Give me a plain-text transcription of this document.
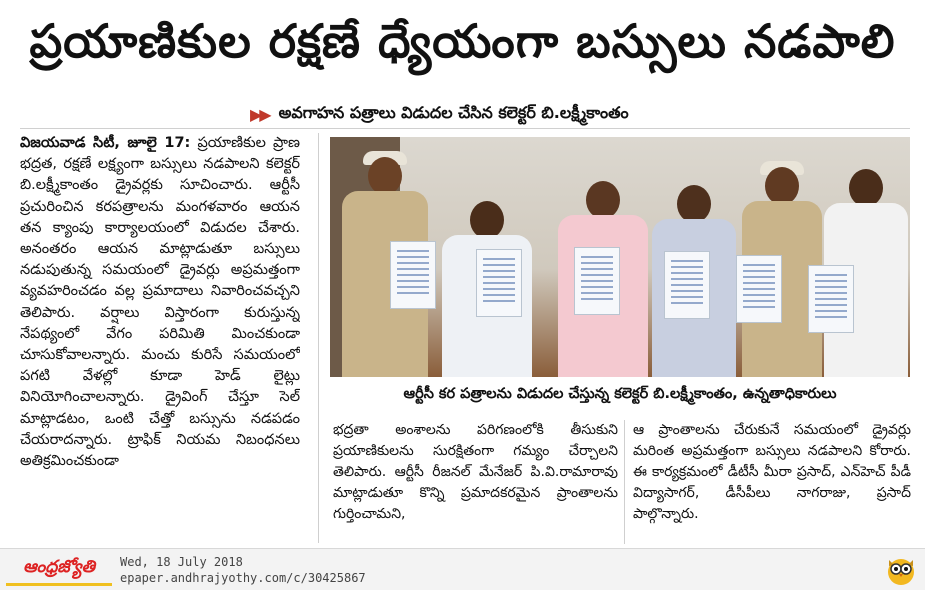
ప్రయాణికుల రక్షణే ధ్యేయంగా బస్సులు నడపాలి
▶▶ అవగాహన పత్రాలు విడుదల చేసిన కలెక్టర్ బి.లక్ష్మీకాంతం

విజయవాడ సిటీ, జూలై 17: ప్రయాణికుల ప్రాణ భద్రత, రక్షణే లక్ష్యంగా బస్సులు నడపాలని కలెక్టర్ బి.లక్ష్మీకాంతం డ్రైవర్లకు సూచించారు. ఆర్టీసీ ప్రచురించిన కరపత్రాలను మంగళవారం ఆయన తన క్యాంపు కార్యాలయంలో విడుదల చేశారు. అనంతరం ఆయన మాట్లాడుతూ బస్సులు నడుపుతున్న సమయంలో డ్రైవర్లు అప్రమత్తంగా వ్యవహరించడం వల్ల ప్రమాదాలు నివారించవచ్చని తెలిపారు. వర్షాలు విస్తారంగా కురుస్తున్న నేపథ్యంలో వేగం పరిమితి మించకుండా చూసుకోవాలన్నారు. మంచు కురిసే సమయంలో పగటి వేళల్లో కూడా హెడ్ లైట్లు వినియోగించాలన్నారు. డ్రైవింగ్ చేస్తూ సెల్ మాట్లాడటం, ఒంటి చేత్తో బస్సును నడపడం చేయరాదన్నారు. ట్రాఫిక్ నియమ నిబంధనలు అతిక్రమించకుండా

ఆర్టీసీ కర పత్రాలను విడుదల చేస్తున్న కలెక్టర్ బి.లక్ష్మీకాంతం, ఉన్నతాధికారులు

భద్రతా అంశాలను పరిగణంలోకి తీసుకుని ప్రయాణికులను సురక్షితంగా గమ్యం చేర్చాలని తెలిపారు. ఆర్టీసీ రీజనల్ మేనేజర్ పి.వి.రామారావు మాట్లాడుతూ కొన్ని ప్రమాదకరమైన ప్రాంతాలను గుర్తించామని,

ఆ ప్రాంతాలను చేరుకునే సమయంలో డ్రైవర్లు మరింత అప్రమత్తంగా బస్సులు నడపాలని కోరారు. ఈ కార్యక్రమంలో డీటీసీ మీరా ప్రసాద్, ఎన్‌హెచ్ పీడీ విద్యాసాగర్, డీసీపీలు నాగరాజు, ప్రసాద్ పాల్గొన్నారు.

ఆంధ్రజ్యోతి	Wed, 18 July 2018
epaper.andhrajyothy.com/c/30425867
